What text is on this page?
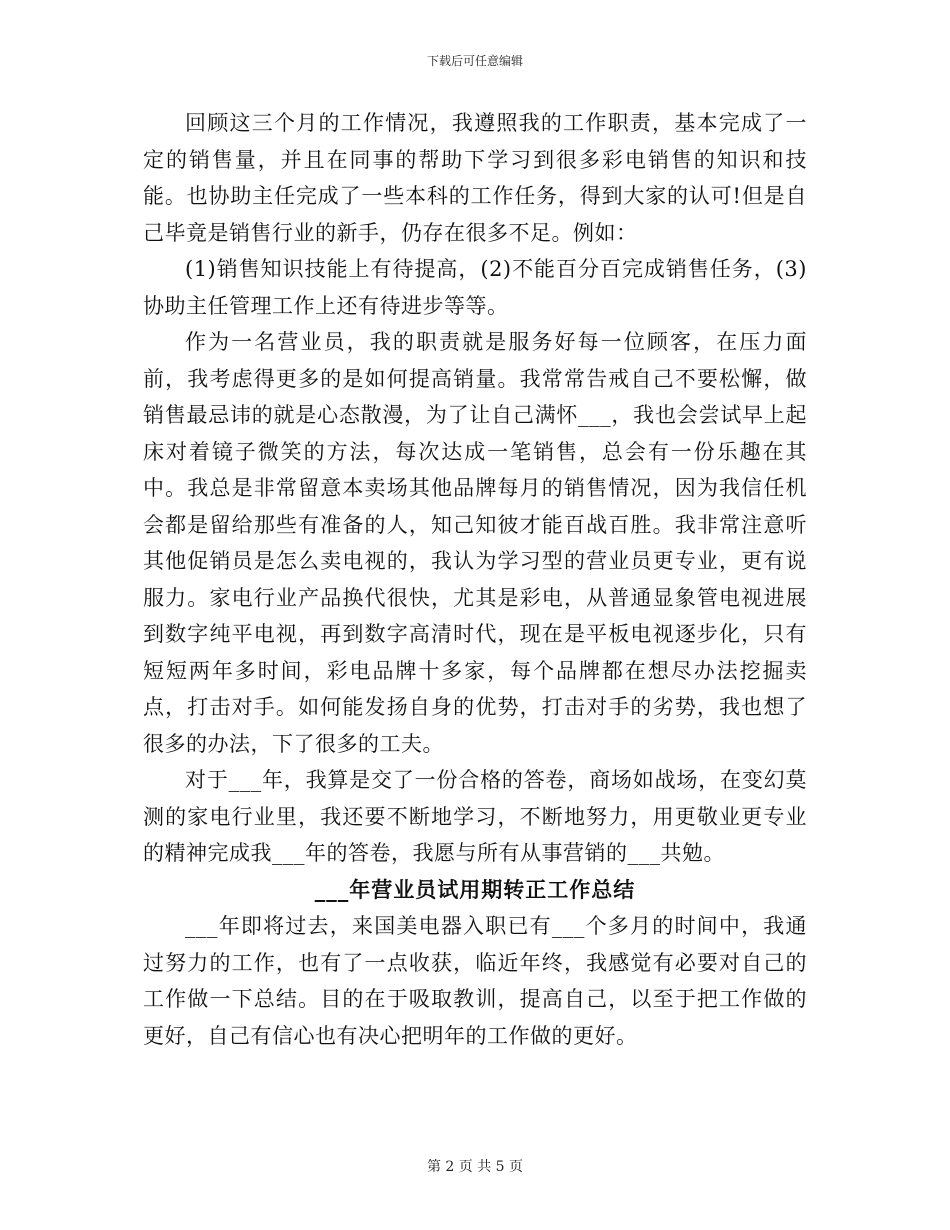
下载后可任意编辑

回顾这三个月的工作情况，我遵照我的工作职责，基本完成了一定的销售量，并且在同事的帮助下学习到很多彩电销售的知识和技能。也协助主任完成了一些本科的工作任务，得到大家的认可!但是自己毕竟是销售行业的新手，仍存在很多不足。例如：

(1)销售知识技能上有待提高，(2)不能百分百完成销售任务，(3)协助主任管理工作上还有待进步等等。

作为一名营业员，我的职责就是服务好每一位顾客，在压力面前，我考虑得更多的是如何提高销量。我常常告戒自己不要松懈，做销售最忌讳的就是心态散漫，为了让自己满怀___，我也会尝试早上起床对着镜子微笑的方法，每次达成一笔销售，总会有一份乐趣在其中。我总是非常留意本卖场其他品牌每月的销售情况，因为我信任机会都是留给那些有准备的人，知己知彼才能百战百胜。我非常注意听其他促销员是怎么卖电视的，我认为学习型的营业员更专业，更有说服力。家电行业产品换代很快，尤其是彩电，从普通显象管电视进展到数字纯平电视，再到数字高清时代，现在是平板电视逐步化，只有短短两年多时间，彩电品牌十多家，每个品牌都在想尽办法挖掘卖点，打击对手。如何能发扬自身的优势，打击对手的劣势，我也想了很多的办法，下了很多的工夫。

对于___年，我算是交了一份合格的答卷，商场如战场，在变幻莫测的家电行业里，我还要不断地学习，不断地努力，用更敬业更专业的精神完成我___年的答卷，我愿与所有从事营销的___共勉。

___年营业员试用期转正工作总结

___年即将过去，来国美电器入职已有___个多月的时间中，我通过努力的工作，也有了一点收获，临近年终，我感觉有必要对自己的工作做一下总结。目的在于吸取教训，提高自己，以至于把工作做的更好，自己有信心也有决心把明年的工作做的更好。

第 2 页 共 5 页
